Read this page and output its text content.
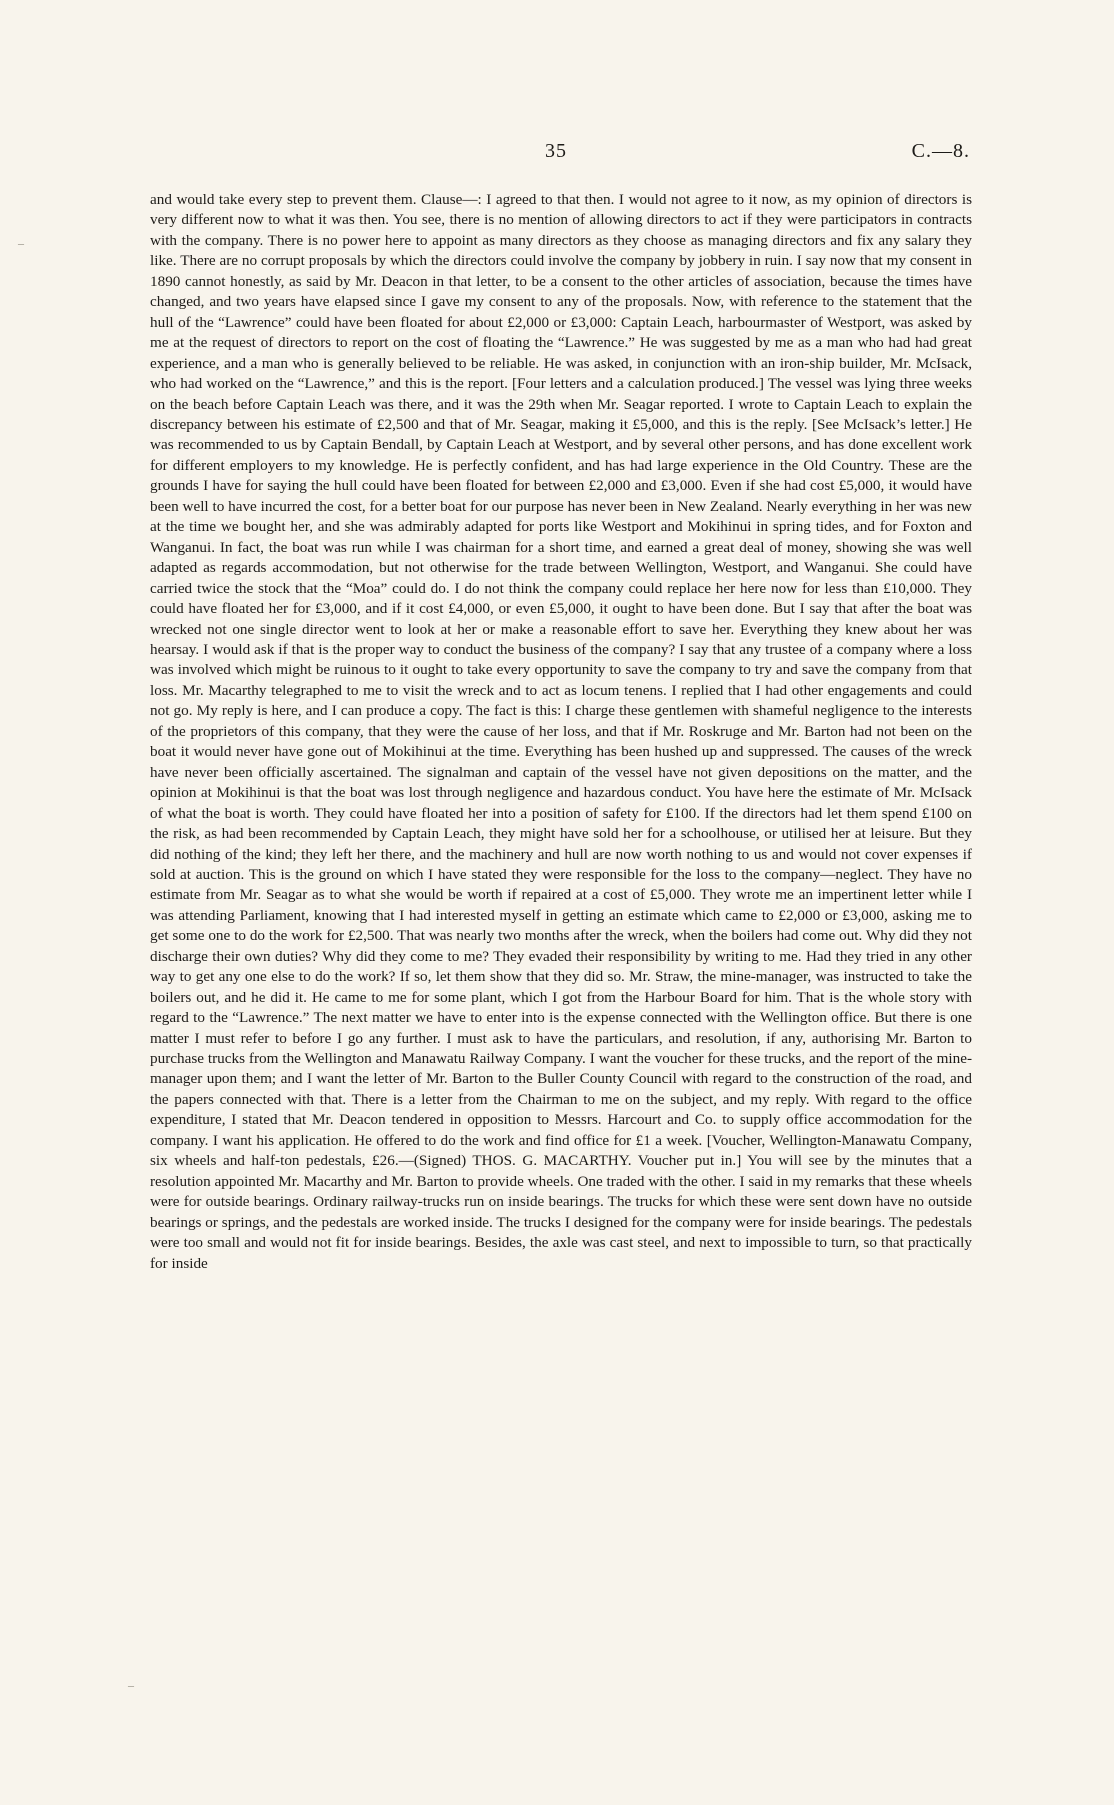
35	C.—8.
–
–

and would take every step to prevent them. Clause—: I agreed to that then. I would not agree to it now, as my opinion of directors is very different now to what it was then. You see, there is no mention of allowing directors to act if they were participators in contracts with the company. There is no power here to appoint as many directors as they choose as managing directors and fix any salary they like. There are no corrupt proposals by which the directors could involve the company by jobbery in ruin. I say now that my consent in 1890 cannot honestly, as said by Mr. Deacon in that letter, to be a consent to the other articles of association, because the times have changed, and two years have elapsed since I gave my consent to any of the proposals. Now, with reference to the statement that the hull of the “Lawrence” could have been floated for about £2,000 or £3,000: Captain Leach, harbourmaster of Westport, was asked by me at the request of directors to report on the cost of floating the “Lawrence.” He was suggested by me as a man who had had great experience, and a man who is generally believed to be reliable. He was asked, in conjunction with an iron-ship builder, Mr. McIsack, who had worked on the “Lawrence,” and this is the report. [Four letters and a calculation produced.] The vessel was lying three weeks on the beach before Captain Leach was there, and it was the 29th when Mr. Seagar reported. I wrote to Captain Leach to explain the discrepancy between his estimate of £2,500 and that of Mr. Seagar, making it £5,000, and this is the reply. [See McIsack’s letter.] He was recommended to us by Captain Bendall, by Captain Leach at Westport, and by several other persons, and has done excellent work for different employers to my knowledge. He is perfectly confident, and has had large experience in the Old Country. These are the grounds I have for saying the hull could have been floated for between £2,000 and £3,000. Even if she had cost £5,000, it would have been well to have incurred the cost, for a better boat for our purpose has never been in New Zealand. Nearly everything in her was new at the time we bought her, and she was admirably adapted for ports like Westport and Mokihinui in spring tides, and for Foxton and Wanganui. In fact, the boat was run while I was chairman for a short time, and earned a great deal of money, showing she was well adapted as regards accommodation, but not otherwise for the trade between Wellington, Westport, and Wanganui. She could have carried twice the stock that the “Moa” could do. I do not think the company could replace her here now for less than £10,000. They could have floated her for £3,000, and if it cost £4,000, or even £5,000, it ought to have been done. But I say that after the boat was wrecked not one single director went to look at her or make a reasonable effort to save her. Everything they knew about her was hearsay. I would ask if that is the proper way to conduct the business of the company? I say that any trustee of a company where a loss was involved which might be ruinous to it ought to take every opportunity to save the company to try and save the company from that loss. Mr. Macarthy telegraphed to me to visit the wreck and to act as locum tenens. I replied that I had other engagements and could not go. My reply is here, and I can produce a copy. The fact is this: I charge these gentlemen with shameful negligence to the interests of the proprietors of this company, that they were the cause of her loss, and that if Mr. Roskruge and Mr. Barton had not been on the boat it would never have gone out of Mokihinui at the time. Everything has been hushed up and suppressed. The causes of the wreck have never been officially ascertained. The signalman and captain of the vessel have not given depositions on the matter, and the opinion at Mokihinui is that the boat was lost through negligence and hazardous conduct. You have here the estimate of Mr. McIsack of what the boat is worth. They could have floated her into a position of safety for £100. If the directors had let them spend £100 on the risk, as had been recommended by Captain Leach, they might have sold her for a schoolhouse, or utilised her at leisure. But they did nothing of the kind; they left her there, and the machinery and hull are now worth nothing to us and would not cover expenses if sold at auction. This is the ground on which I have stated they were responsible for the loss to the company—neglect. They have no estimate from Mr. Seagar as to what she would be worth if repaired at a cost of £5,000. They wrote me an impertinent letter while I was attending Parliament, knowing that I had interested myself in getting an estimate which came to £2,000 or £3,000, asking me to get some one to do the work for £2,500. That was nearly two months after the wreck, when the boilers had come out. Why did they not discharge their own duties? Why did they come to me? They evaded their responsibility by writing to me. Had they tried in any other way to get any one else to do the work? If so, let them show that they did so. Mr. Straw, the mine-manager, was instructed to take the boilers out, and he did it. He came to me for some plant, which I got from the Harbour Board for him. That is the whole story with regard to the “Lawrence.” The next matter we have to enter into is the expense connected with the Wellington office. But there is one matter I must refer to before I go any further. I must ask to have the particulars, and resolution, if any, authorising Mr. Barton to purchase trucks from the Wellington and Manawatu Railway Company. I want the voucher for these trucks, and the report of the mine-manager upon them; and I want the letter of Mr. Barton to the Buller County Council with regard to the construction of the road, and the papers connected with that. There is a letter from the Chairman to me on the subject, and my reply. With regard to the office expenditure, I stated that Mr. Deacon tendered in opposition to Messrs. Harcourt and Co. to supply office accommodation for the company. I want his application. He offered to do the work and find office for £1 a week. [Voucher, Wellington-Manawatu Company, six wheels and half-ton pedestals, £26.—(Signed) THOS. G. MACARTHY. Voucher put in.] You will see by the minutes that a resolution appointed Mr. Macarthy and Mr. Barton to provide wheels. One traded with the other. I said in my remarks that these wheels were for outside bearings. Ordinary railway-trucks run on inside bearings. The trucks for which these were sent down have no outside bearings or springs, and the pedestals are worked inside. The trucks I designed for the company were for inside bearings. The pedestals were too small and would not fit for inside bearings. Besides, the axle was cast steel, and next to impossible to turn, so that practically for inside
